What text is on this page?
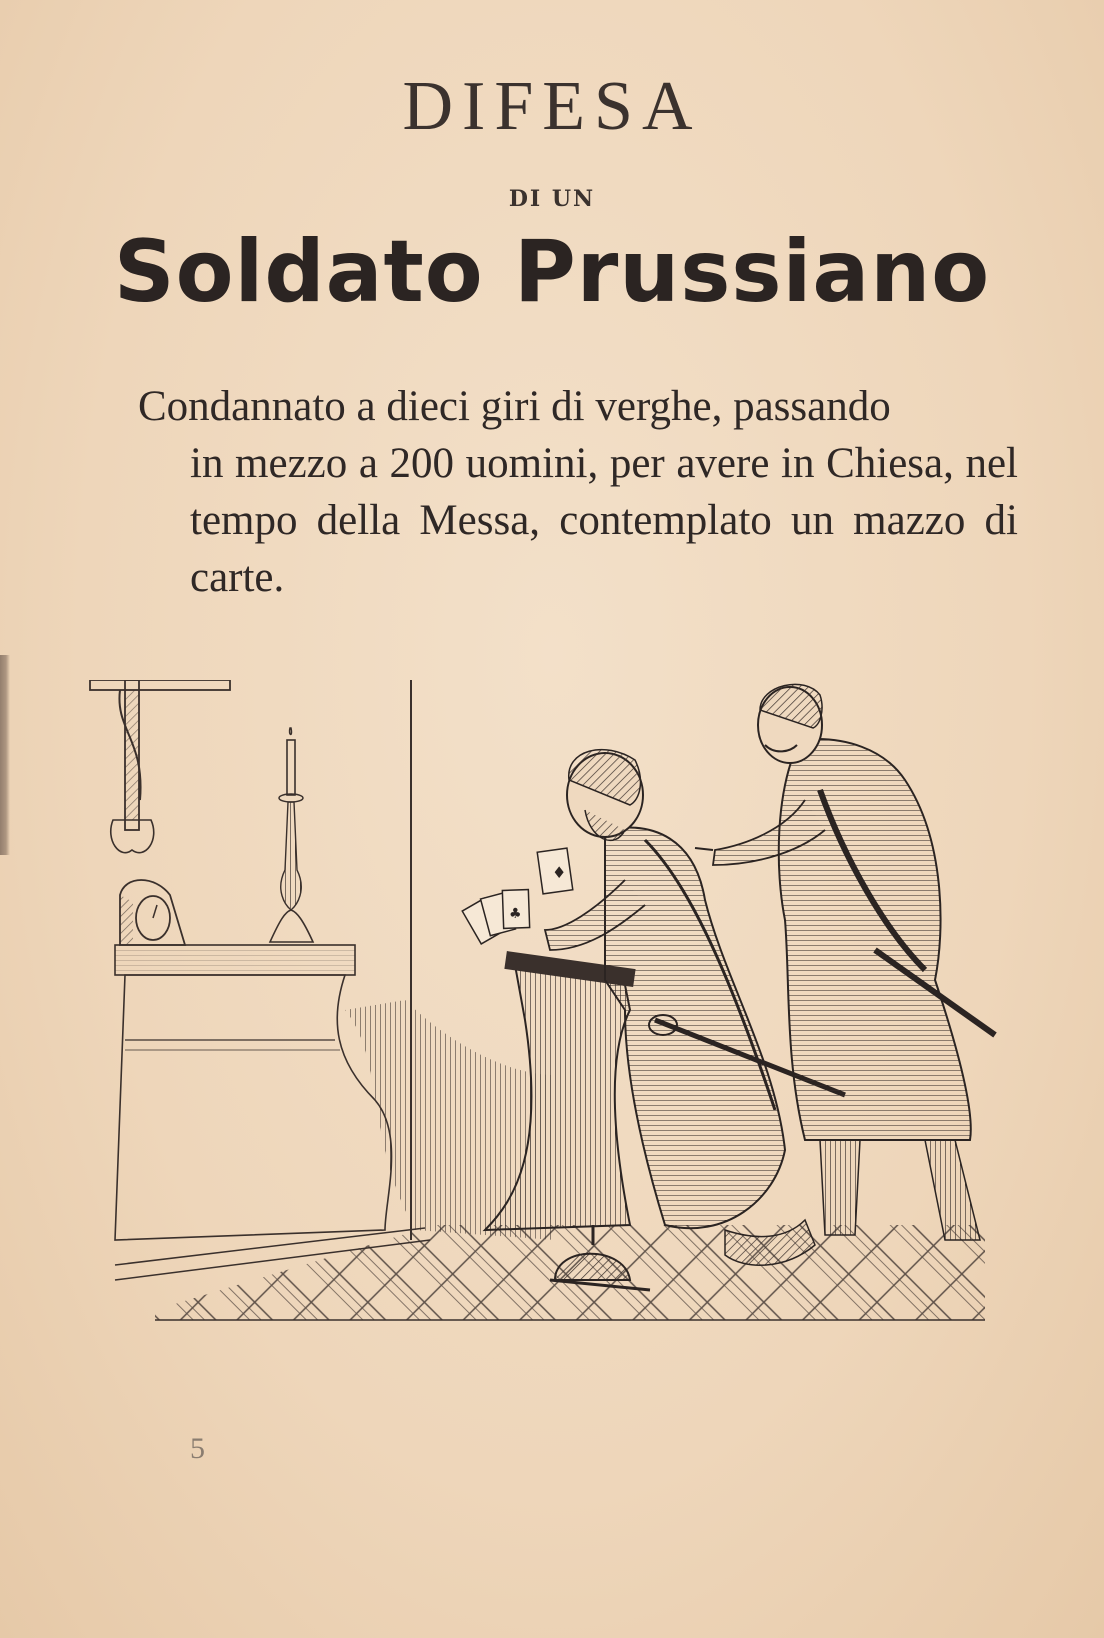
DIFESA
DI UN
Soldato Prussiano
Condannato a dieci giri di verghe, passando
in mezzo a 200 uomini, per avere in Chiesa, nel tempo della Messa, contemplato un mazzo di carte.
♦
♣
5
